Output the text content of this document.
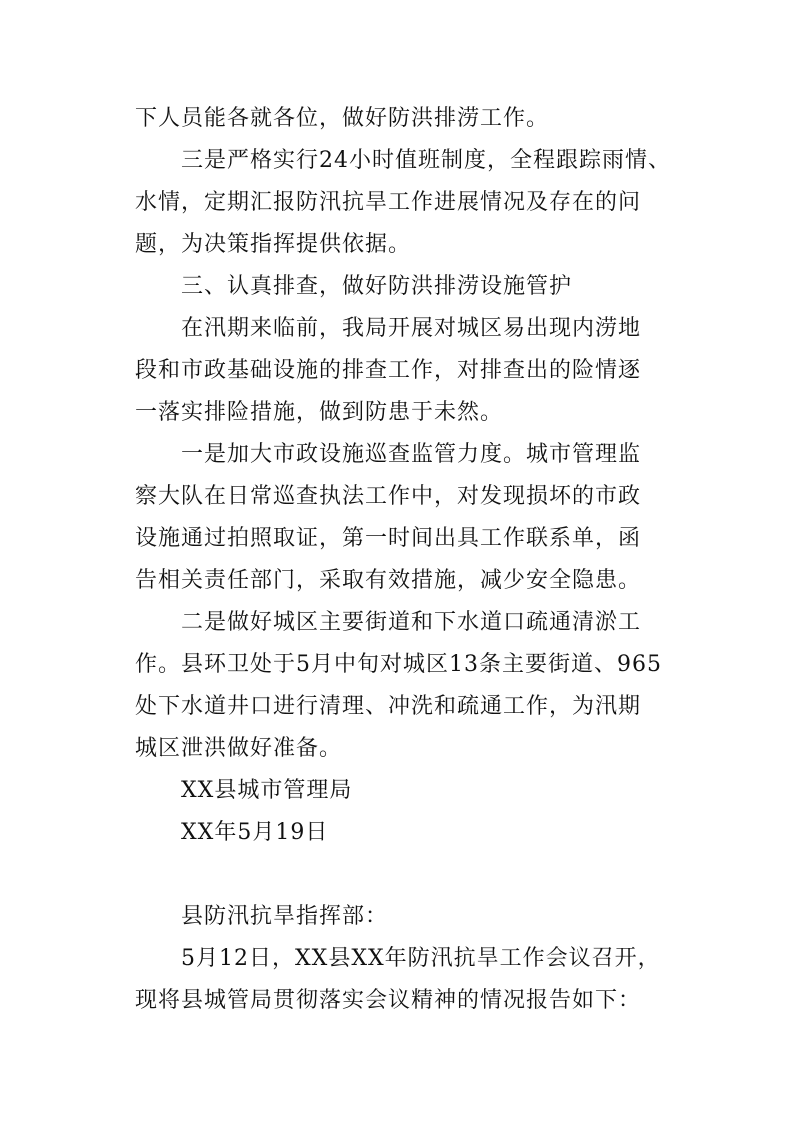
下人员能各就各位，做好防洪排涝工作。
三是严格实行24小时值班制度，全程跟踪雨情、
水情，定期汇报防汛抗旱工作进展情况及存在的问
题，为决策指挥提供依据。
三、认真排查，做好防洪排涝设施管护
在汛期来临前，我局开展对城区易出现内涝地
段和市政基础设施的排查工作，对排查出的险情逐
一落实排险措施，做到防患于未然。
一是加大市政设施巡查监管力度。城市管理监
察大队在日常巡查执法工作中，对发现损坏的市政
设施通过拍照取证，第一时间出具工作联系单，函
告相关责任部门，采取有效措施，减少安全隐患。
二是做好城区主要街道和下水道口疏通清淤工
作。县环卫处于5月中旬对城区13条主要街道、965
处下水道井口进行清理、冲洗和疏通工作，为汛期
城区泄洪做好准备。
XX县城市管理局
XX年5月19日
县防汛抗旱指挥部：
5月12日，XX县XX年防汛抗旱工作会议召开，
现将县城管局贯彻落实会议精神的情况报告如下：
